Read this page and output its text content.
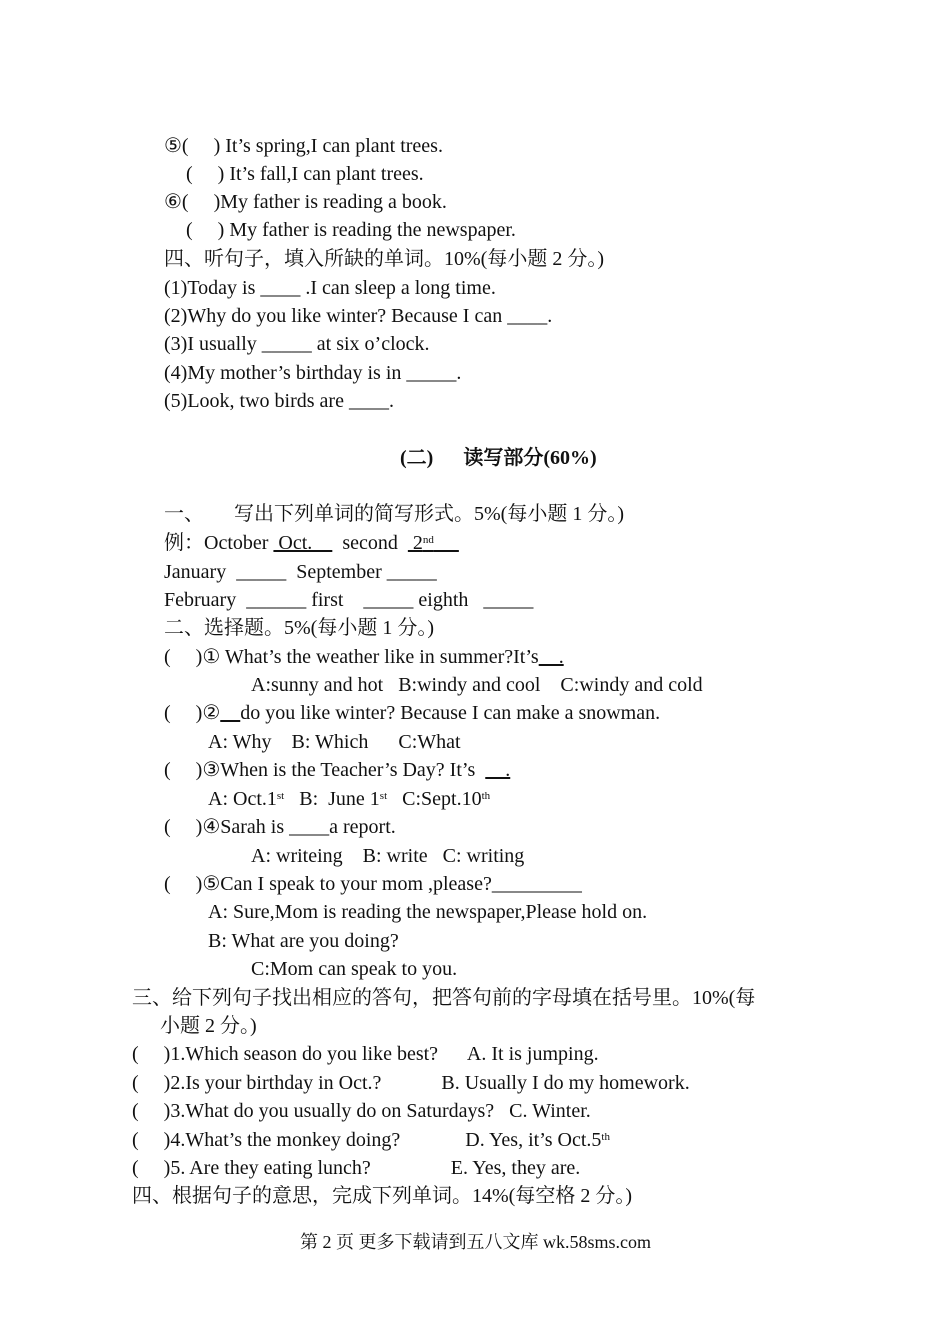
⑤(     ) It’s spring,I can plant trees.
(     ) It’s fall,I can plant trees.
⑥(     )My father is reading a book.
(     ) My father is reading the newspaper.
四、听句子，填入所缺的单词。10%(每小题 2 分。)
(1)Today is ____ .I can sleep a long time.
(2)Why do you like winter? Because I can ____.
(3)I usually _____ at six o’clock.
(4)My mother’s birthday is in _____.
(5)Look, two birds are ____.
(二)      读写部分(60%)
一、      写出下列单词的简写形式。5%(每小题 1 分。)
例：October  Oct.      second   2nd
January  _____  September _____
February  ______ first    _____ eighth   _____
二、选择题。5%(每小题 1 分。)
(     )① What’s the weather like in summer?It’s    .
A:sunny and hot   B:windy and cool    C:windy and cold
(     )② do you like winter? Because I can make a snowman.
A: Why    B: Which      C:What
(     )③When is the Teacher’s Day? It’s      .
A: Oct.1st   B:  June 1st   C:Sept.10th
(     )④Sarah is ____a report.
A: writeing    B: write   C: writing
(     )⑤Can I speak to your mom ,please?_________
A: Sure,Mom is reading the newspaper,Please hold on.
B: What are you doing?
C:Mom can speak to you.
三、给下列句子找出相应的答句，把答句前的字母填在括号里。10%(每
小题 2 分。)
(     )1.Which season do you like best?      A. It is jumping.
(     )2.Is your birthday in Oct.?            B. Usually I do my homework.
(     )3.What do you usually do on Saturdays?   C. Winter.
(     )4.What’s the monkey doing?             D. Yes, it’s Oct.5th
(     )5. Are they eating lunch?                E. Yes, they are.
四、根据句子的意思，完成下列单词。14%(每空格 2 分。)
第 2 页 更多下载请到五八文库 wk.58sms.com
